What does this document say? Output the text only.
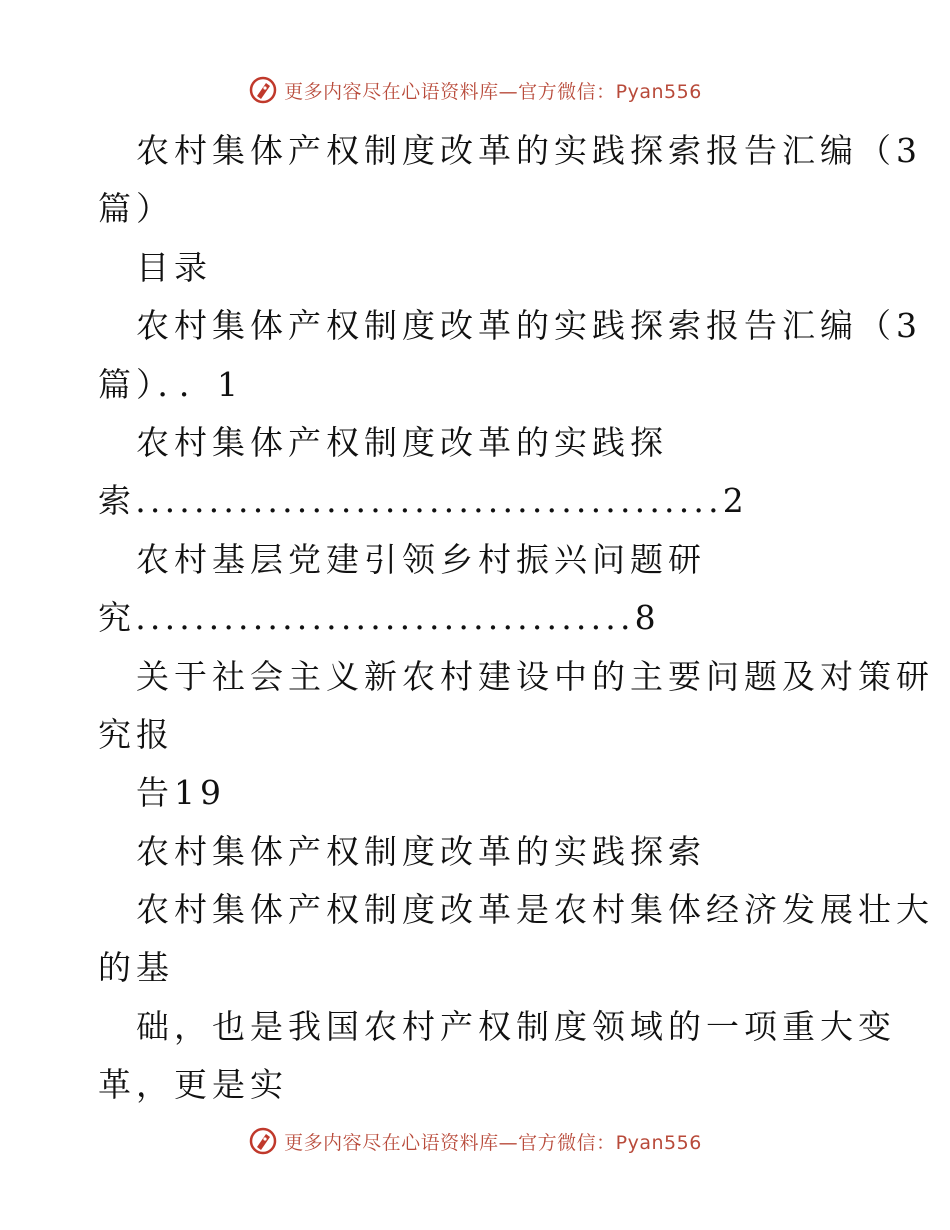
更多内容尽在心语资料库—官方微信：Pyan556
农村集体产权制度改革的实践探索报告汇编（3
篇）
目录
农村集体产权制度改革的实践探索报告汇编（3
篇）．．1
农村集体产权制度改革的实践探
索........................................2
农村基层党建引领乡村振兴问题研
究..................................8
关于社会主义新农村建设中的主要问题及对策研
究报
告19
农村集体产权制度改革的实践探索
农村集体产权制度改革是农村集体经济发展壮大
的基
础，也是我国农村产权制度领域的一项重大变
革，更是实
更多内容尽在心语资料库—官方微信：Pyan556
